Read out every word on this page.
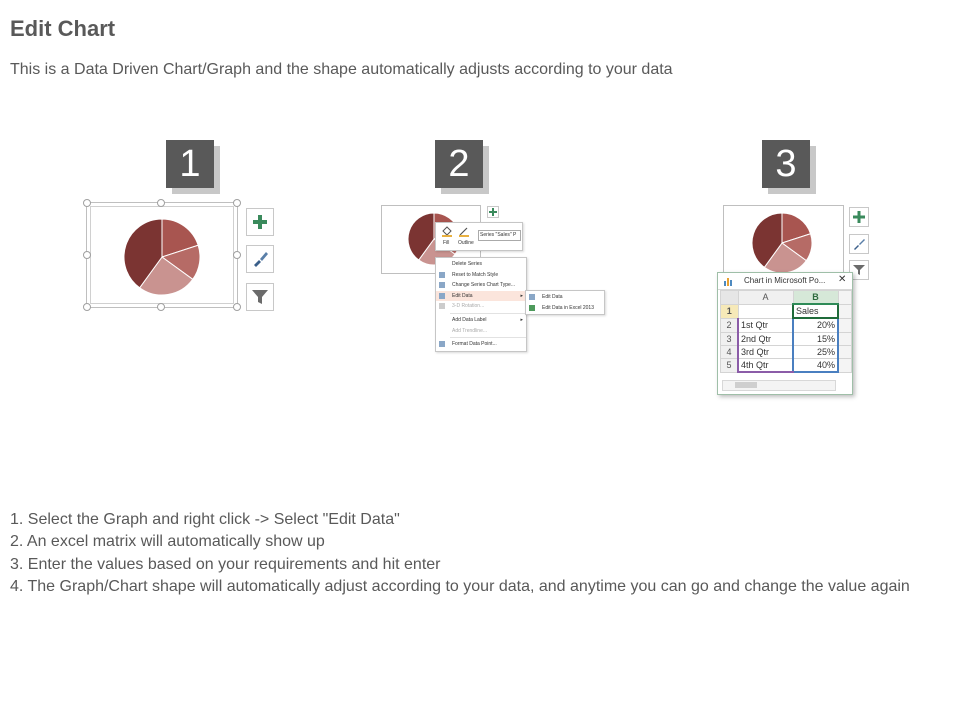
Edit Chart
This is a Data Driven Chart/Graph and the shape automatically adjusts according to your data
1	2	3
Fill Outline
Series "Sales" P
Delete Series
Reset to Match Style
Change Series Chart Type...
Edit Data	▸
3-D Rotation...
Add Data Label	▸
Add Trendline...
Format Data Point...
Edit Data
Edit Data in Excel 2013
Chart in Microsoft Po... ✕
	A	B	
1		Sales	
2	1st Qtr	20%	
3	2nd Qtr	15%	
4	3rd Qtr	25%	
5	4th Qtr	40%	
1. Select the Graph and right click -> Select "Edit Data"
2. An excel matrix will automatically show up
3. Enter the values based on your requirements and hit enter
4. The Graph/Chart shape will automatically adjust according to your data, and anytime you can go and change the value again
